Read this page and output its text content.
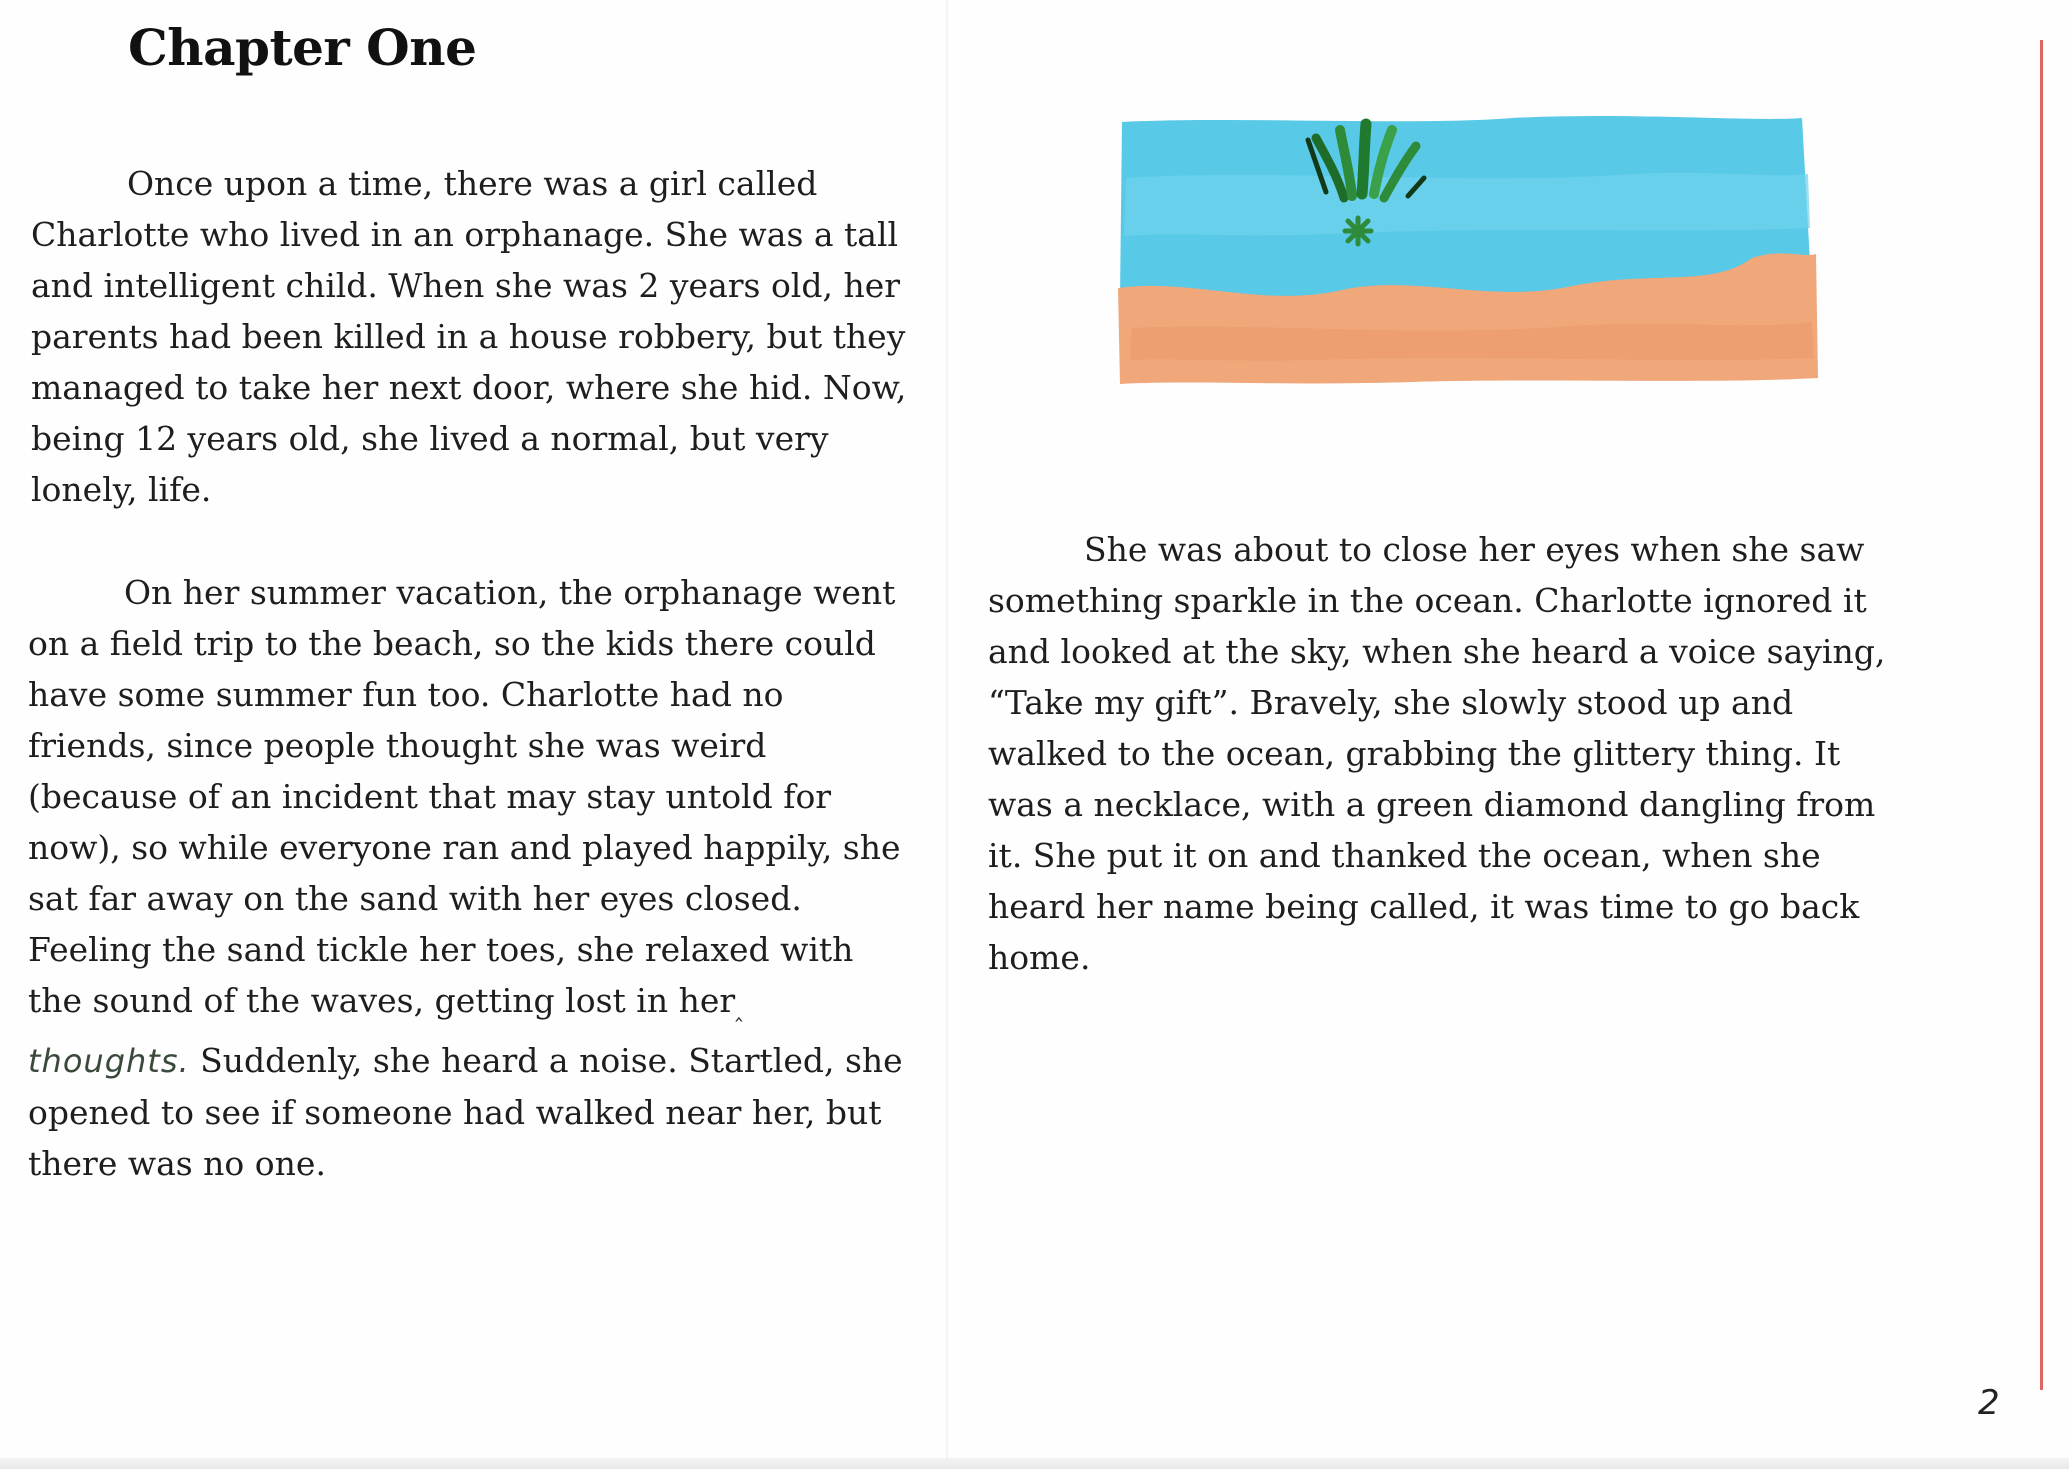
Chapter One

Once upon a time, there was a girl called Charlotte who lived in an orphanage. She was a tall and intelligent child. When she was 2 years old, her parents had been killed in a house robbery, but they managed to take her next door, where she hid. Now, being 12 years old, she lived a normal, but very lonely, life.

On her summer vacation, the orphanage went on a field trip to the beach, so the kids there could have some summer fun too. Charlotte had no friends, since people thought she was weird (because of an incident that may stay untold for now), so while everyone ran and played happily, she sat far away on the sand with her eyes closed. Feeling the sand tickle her toes, she relaxed with the sound of the waves, getting lost in her‸ thoughts. Suddenly, she heard a noise. Startled, she opened to see if someone had walked near her, but there was no one.

She was about to close her eyes when she saw something sparkle in the ocean. Charlotte ignored it and looked at the sky, when she heard a voice saying, “Take my gift”. Bravely, she slowly stood up and walked to the ocean, grabbing the glittery thing. It was a necklace, with a green diamond dangling from it. She put it on and thanked the ocean, when she heard her name being called, it was time to go back home.

2
